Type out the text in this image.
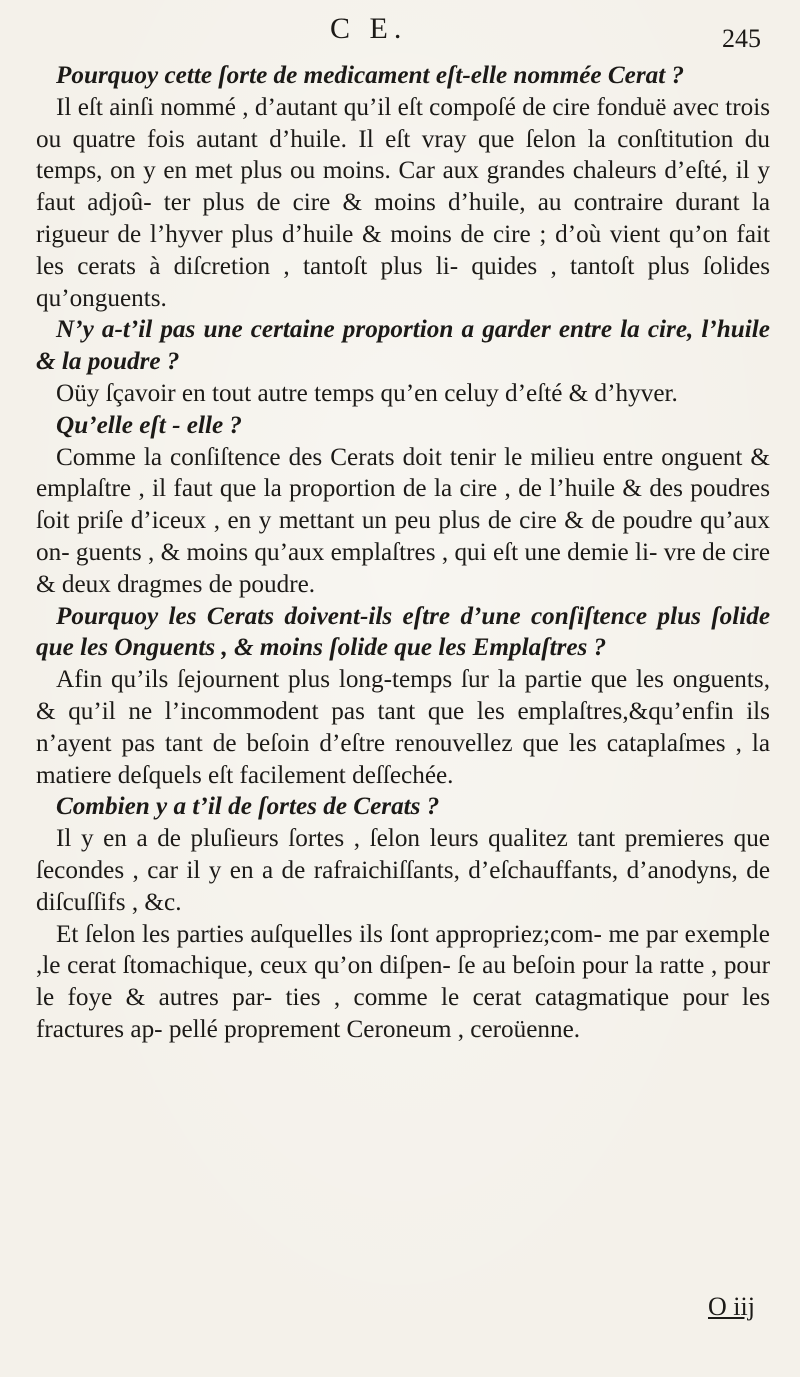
C E.	245

Pourquoy cette ſorte de medicament eſt-elle nommée Cerat ?

Il eſt ainſi nommé , d’autant qu’il eſt compoſé de cire fonduë avec trois ou quatre fois autant d’huile. Il eſt vray que ſelon la conſtitution du temps, on y en met plus ou moins. Car aux grandes chaleurs d’eſté, il y faut adjoû- ter plus de cire & moins d’huile, au contraire durant la rigueur de l’hyver plus d’huile & moins de cire ; d’où vient qu’on fait les cerats à diſcretion , tantoſt plus li- quides , tantoſt plus ſolides qu’onguents.

N’y a-t’il pas une certaine proportion a garder entre la cire, l’huile & la poudre ?

Oüy ſçavoir en tout autre temps qu’en celuy d’eſté & d’hyver.

Qu’elle eſt - elle ?

Comme la conſiſtence des Cerats doit tenir le milieu entre onguent & emplaſtre , il faut que la proportion de la cire , de l’huile & des poudres ſoit priſe d’iceux , en y mettant un peu plus de cire & de poudre qu’aux on- guents , & moins qu’aux emplaſtres , qui eſt une demie li- vre de cire & deux dragmes de poudre.

Pourquoy les Cerats doivent-ils eſtre d’une conſiſtence plus ſolide que les Onguents , & moins ſolide que les Emplaſtres ?

Afin qu’ils ſejournent plus long-temps ſur la partie que les onguents, & qu’il ne l’incommodent pas tant que les emplaſtres,&qu’enfin ils n’ayent pas tant de beſoin d’eſtre renouvellez que les cataplaſmes , la matiere deſquels eſt facilement deſſechée.

Combien y a t’il de ſortes de Cerats ?

Il y en a de pluſieurs ſortes , ſelon leurs qualitez tant premieres que ſecondes , car il y en a de rafraichiſſants, d’eſchauffants, d’anodyns, de diſcuſſifs , &c.

Et ſelon les parties auſquelles ils ſont appropriez;com- me par exemple ,le cerat ſtomachique, ceux qu’on diſpen- ſe au beſoin pour la ratte , pour le foye & autres par- ties , comme le cerat catagmatique pour les fractures ap- pellé proprement Ceroneum , ceroüenne.

O iij
